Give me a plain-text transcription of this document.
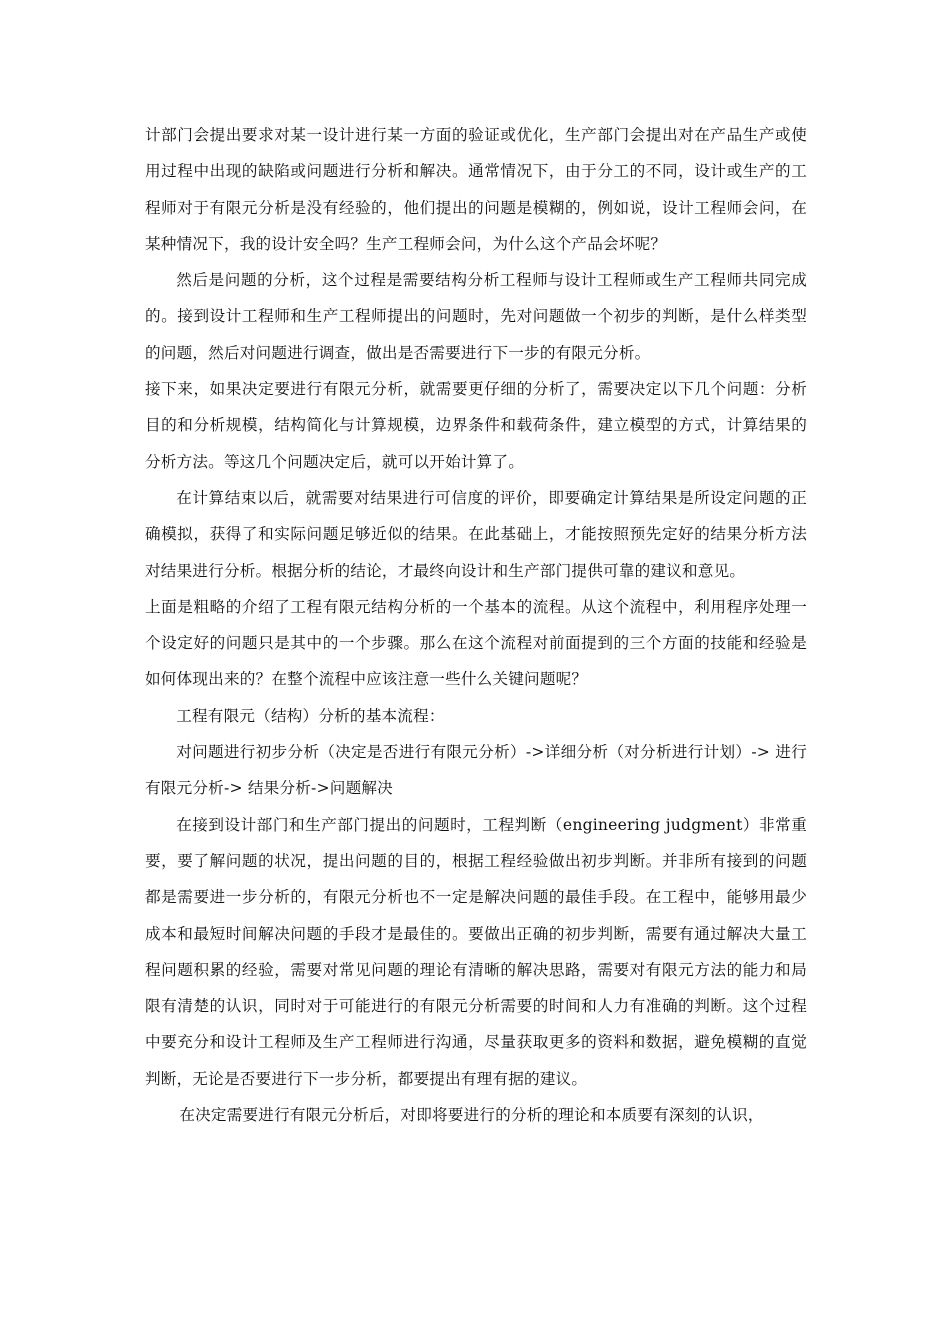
计部门会提出要求对某一设计进行某一方面的验证或优化，生产部门会提出对在产品生产或使用过程中出现的缺陷或问题进行分析和解决。通常情况下，由于分工的不同，设计或生产的工程师对于有限元分析是没有经验的，他们提出的问题是模糊的，例如说，设计工程师会问，在某种情况下，我的设计安全吗？生产工程师会问，为什么这个产品会坏呢？

然后是问题的分析，这个过程是需要结构分析工程师与设计工程师或生产工程师共同完成的。接到设计工程师和生产工程师提出的问题时，先对问题做一个初步的判断，是什么样类型的问题，然后对问题进行调查，做出是否需要进行下一步的有限元分析。

接下来，如果决定要进行有限元分析，就需要更仔细的分析了，需要决定以下几个问题：分析目的和分析规模，结构简化与计算规模，边界条件和载荷条件，建立模型的方式，计算结果的分析方法。等这几个问题决定后，就可以开始计算了。

在计算结束以后，就需要对结果进行可信度的评价，即要确定计算结果是所设定问题的正确模拟，获得了和实际问题足够近似的结果。在此基础上，才能按照预先定好的结果分析方法对结果进行分析。根据分析的结论，才最终向设计和生产部门提供可靠的建议和意见。

上面是粗略的介绍了工程有限元结构分析的一个基本的流程。从这个流程中，利用程序处理一个设定好的问题只是其中的一个步骤。那么在这个流程对前面提到的三个方面的技能和经验是如何体现出来的？在整个流程中应该注意一些什么关键问题呢？

工程有限元（结构）分析的基本流程：

对问题进行初步分析（决定是否进行有限元分析）->详细分析（对分析进行计划）-> 进行有限元分析-> 结果分析->问题解决

在接到设计部门和生产部门提出的问题时，工程判断（engineering judgment）非常重要，要了解问题的状况，提出问题的目的，根据工程经验做出初步判断。并非所有接到的问题都是需要进一步分析的，有限元分析也不一定是解决问题的最佳手段。在工程中，能够用最少成本和最短时间解决问题的手段才是最佳的。要做出正确的初步判断，需要有通过解决大量工程问题积累的经验，需要对常见问题的理论有清晰的解决思路，需要对有限元方法的能力和局限有清楚的认识，同时对于可能进行的有限元分析需要的时间和人力有准确的判断。这个过程中要充分和设计工程师及生产工程师进行沟通，尽量获取更多的资料和数据，避免模糊的直觉判断，无论是否要进行下一步分析，都要提出有理有据的建议。

在决定需要进行有限元分析后，对即将要进行的分析的理论和本质要有深刻的认识，
